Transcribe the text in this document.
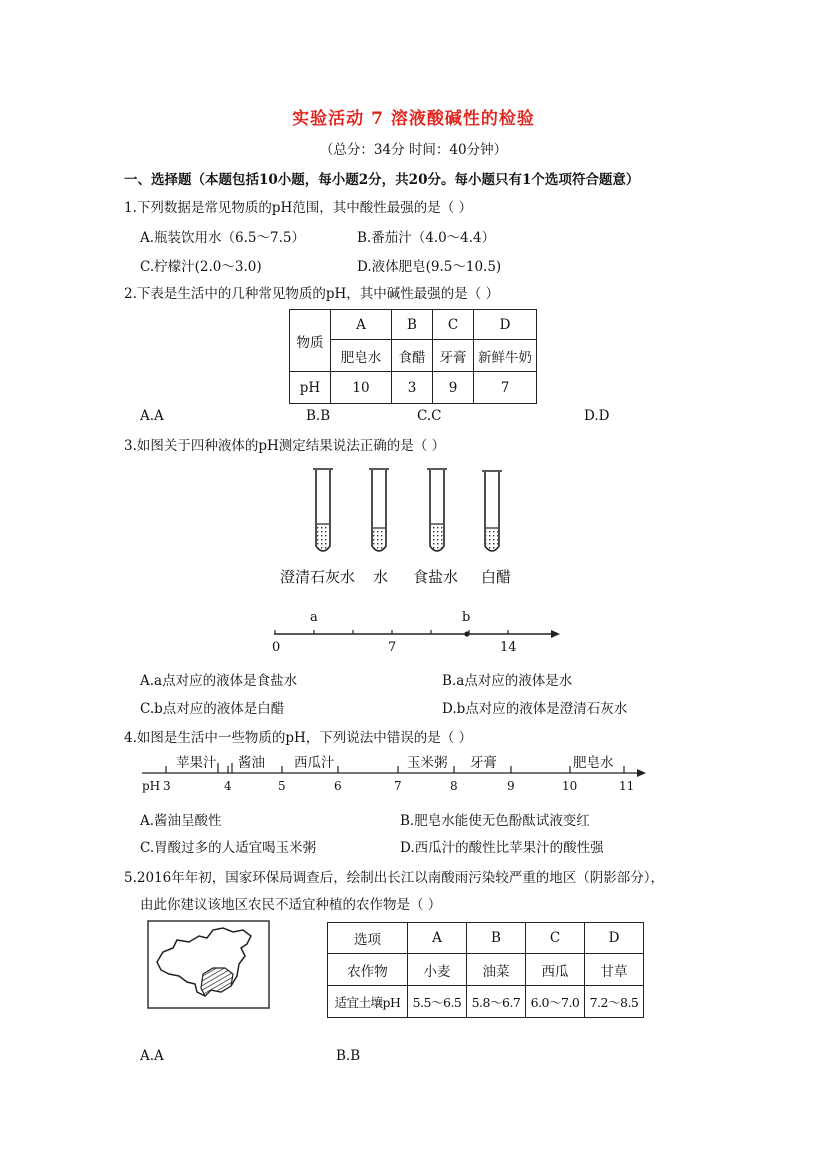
实验活动 7 溶液酸碱性的检验
（总分：34分 时间：40分钟）
一、选择题（本题包括10小题，每小题2分，共20分。每小题只有1个选项符合题意）
1.下列数据是常见物质的pH范围，其中酸性最强的是（ ）
A.瓶装饮用水（6.5～7.5）	B.番茄汁（4.0～4.4）
C.柠檬汁(2.0～3.0)	D.液体肥皂(9.5～10.5)
2.下表是生活中的几种常见物质的pH，其中碱性最强的是（ ）
物质	A	B	C	D
	肥皂水	食醋	牙膏	新鲜牛奶
pH	10	3	9	7
A.A	B.B	C.C	D.D
3.如图关于四种液体的pH测定结果说法正确的是（ ）
澄清石灰水 水 食盐水 白醋
a	b
0	7	14
A.a点对应的液体是食盐水	B.a点对应的液体是水
C.b点对应的液体是白醋	D.b点对应的液体是澄清石灰水
4.如图是生活中一些物质的pH，下列说法中错误的是（ ）
苹果汁 酱油 西瓜汁	玉米粥 牙膏	肥皂水
pH 3	4	5	6	7	8	9	10	11
A.酱油呈酸性	B.肥皂水能使无色酚酞试液变红
C.胃酸过多的人适宜喝玉米粥	D.西瓜汁的酸性比苹果汁的酸性强
5.2016年年初，国家环保局调查后，绘制出长江以南酸雨污染较严重的地区（阴影部分），
由此你建议该地区农民不适宜种植的农作物是（ ）
选项	A	B	C	D
农作物	小麦	油菜	西瓜	甘草
适宜土壤pH	5.5～6.5	5.8～6.7	6.0～7.0	7.2～8.5
A.A	B.B
